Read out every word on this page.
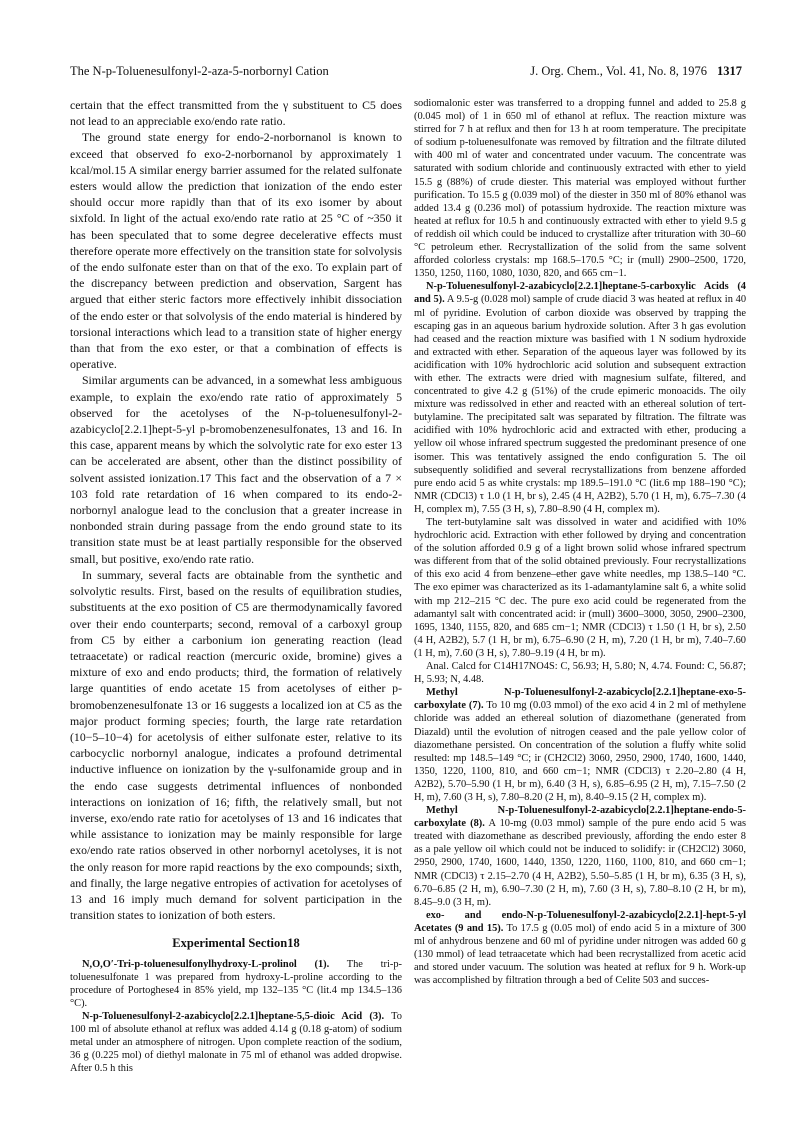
The N-p-Toluenesulfonyl-2-aza-5-norbornyl Cation	J. Org. Chem., Vol. 41, No. 8, 1976 1317

certain that the effect transmitted from the γ substituent to C5 does not lead to an appreciable exo/endo rate ratio.

The ground state energy for endo-2-norbornanol is known to exceed that observed fo exo-2-norbornanol by approximately 1 kcal/mol.15 A similar energy barrier assumed for the related sulfonate esters would allow the prediction that ionization of the endo ester should occur more rapidly than that of its exo isomer by about sixfold. In light of the actual exo/endo rate ratio at 25 °C of ~350 it has been speculated that to some degree decelerative effects must therefore operate more effectively on the transition state for solvolysis of the endo sulfonate ester than on that of the exo. To explain part of the discrepancy between prediction and observation, Sargent has argued that either steric factors more effectively inhibit dissociation of the endo ester or that solvolysis of the endo material is hindered by torsional interactions which lead to a transition state of higher energy than that from the exo ester, or that a combination of effects is operative.

Similar arguments can be advanced, in a somewhat less ambiguous example, to explain the exo/endo rate ratio of approximately 5 observed for the acetolyses of the N-p-toluenesulfonyl-2-azabicyclo[2.2.1]hept-5-yl p-bromobenzenesulfonates, 13 and 16. In this case, apparent means by which the solvolytic rate for exo ester 13 can be accelerated are absent, other than the distinct possibility of solvent assisted ionization.17 This fact and the observation of a 7 × 103 fold rate retardation of 16 when compared to its endo-2-norbornyl analogue lead to the conclusion that a greater increase in nonbonded strain during passage from the endo ground state to its transition state must be at least partially responsible for the observed small, but positive, exo/endo rate ratio.

In summary, several facts are obtainable from the synthetic and solvolytic results. First, based on the results of equilibration studies, substituents at the exo position of C5 are thermodynamically favored over their endo counterparts; second, removal of a carboxyl group from C5 by either a carbonium ion generating reaction (lead tetraacetate) or radical reaction (mercuric oxide, bromine) gives a mixture of exo and endo products; third, the formation of relatively large quantities of endo acetate 15 from acetolyses of either p-bromobenzenesulfonate 13 or 16 suggests a localized ion at C5 as the major product forming species; fourth, the large rate retardation (10−5–10−4) for acetolysis of either sulfonate ester, relative to its carbocyclic norbornyl analogue, indicates a profound detrimental inductive influence on ionization by the γ-sulfonamide group and in the endo case suggests detrimental influences of nonbonded interactions on ionization of 16; fifth, the relatively small, but not inverse, exo/endo rate ratio for acetolyses of 13 and 16 indicates that while assistance to ionization may be mainly responsible for large exo/endo rate ratios observed in other norbornyl acetolyses, it is not the only reason for more rapid reactions by the exo compounds; sixth, and finally, the large negative entropies of activation for acetolyses of 13 and 16 imply much demand for solvent participation in the transition states to ionization of both esters.

Experimental Section18

N,O,O′-Tri-p-toluenesulfonylhydroxy-L-prolinol (1). The tri-p-toluenesulfonate 1 was prepared from hydroxy-L-proline according to the procedure of Portoghese4 in 85% yield, mp 132–135 °C (lit.4 mp 134.5–136 °C).

N-p-Toluenesulfonyl-2-azabicyclo[2.2.1]heptane-5,5-dioic Acid (3). To 100 ml of absolute ethanol at reflux was added 4.14 g (0.18 g-atom) of sodium metal under an atmosphere of nitrogen. Upon complete reaction of the sodium, 36 g (0.225 mol) of diethyl malonate in 75 ml of ethanol was added dropwise. After 0.5 h this

sodiomalonic ester was transferred to a dropping funnel and added to 25.8 g (0.045 mol) of 1 in 650 ml of ethanol at reflux. The reaction mixture was stirred for 7 h at reflux and then for 13 h at room temperature. The precipitate of sodium p-toluenesulfonate was removed by filtration and the filtrate diluted with 400 ml of water and concentrated under vacuum. The concentrate was saturated with sodium chloride and continuously extracted with ether to yield 15.5 g (88%) of crude diester. This material was employed without further purification. To 15.5 g (0.039 mol) of the diester in 350 ml of 80% ethanol was added 13.4 g (0.236 mol) of potassium hydroxide. The reaction mixture was heated at reflux for 10.5 h and continuously extracted with ether to yield 9.5 g of reddish oil which could be induced to crystallize after trituration with 30–60 °C petroleum ether. Recrystallization of the solid from the same solvent afforded colorless crystals: mp 168.5–170.5 °C; ir (mull) 2900–2500, 1720, 1350, 1250, 1160, 1080, 1030, 820, and 665 cm−1.

N-p-Toluenesulfonyl-2-azabicyclo[2.2.1]heptane-5-carboxylic Acids (4 and 5). A 9.5-g (0.028 mol) sample of crude diacid 3 was heated at reflux in 40 ml of pyridine. Evolution of carbon dioxide was observed by trapping the escaping gas in an aqueous barium hydroxide solution. After 3 h gas evolution had ceased and the reaction mixture was basified with 1 N sodium hydroxide and extracted with ether. Separation of the aqueous layer was followed by its acidification with 10% hydrochloric acid solution and subsequent extraction with ether. The extracts were dried with magnesium sulfate, filtered, and concentrated to give 4.2 g (51%) of the crude epimeric monoacids. The oily mixture was redissolved in ether and reacted with an ethereal solution of tert-butylamine. The precipitated salt was separated by filtration. The filtrate was acidified with 10% hydrochloric acid and extracted with ether, producing a yellow oil whose infrared spectrum suggested the predominant presence of one isomer. This was tentatively assigned the endo configuration 5. The oil subsequently solidified and several recrystallizations from benzene afforded pure endo acid 5 as white crystals: mp 189.5–191.0 °C (lit.6 mp 188–190 °C); NMR (CDCl3) τ 1.0 (1 H, br s), 2.45 (4 H, A2B2), 5.70 (1 H, m), 6.75–7.30 (4 H, complex m), 7.55 (3 H, s), 7.80–8.90 (4 H, complex m).

The tert-butylamine salt was dissolved in water and acidified with 10% hydrochloric acid. Extraction with ether followed by drying and concentration of the solution afforded 0.9 g of a light brown solid whose infrared spectrum was different from that of the solid obtained previously. Four recrystallizations of this exo acid 4 from benzene–ether gave white needles, mp 138.5–140 °C. The exo epimer was characterized as its 1-adamantylamine salt 6, a white solid with mp 212–215 °C dec. The pure exo acid could be regenerated from the adamantyl salt with concentrated acid: ir (mull) 3600–3000, 3050, 2900–2300, 1695, 1340, 1155, 820, and 685 cm−1; NMR (CDCl3) τ 1.50 (1 H, br s), 2.50 (4 H, A2B2), 5.7 (1 H, br m), 6.75–6.90 (2 H, m), 7.20 (1 H, br m), 7.40–7.60 (1 H, m), 7.60 (3 H, s), 7.80–9.19 (4 H, br m).

Anal. Calcd for C14H17NO4S: C, 56.93; H, 5.80; N, 4.74. Found: C, 56.87; H, 5.93; N, 4.48.

Methyl N-p-Toluenesulfonyl-2-azabicyclo[2.2.1]heptane-exo-5-carboxylate (7). To 10 mg (0.03 mmol) of the exo acid 4 in 2 ml of methylene chloride was added an ethereal solution of diazomethane (generated from Diazald) until the evolution of nitrogen ceased and the pale yellow color of diazomethane persisted. On concentration of the solution a fluffy white solid resulted: mp 148.5–149 °C; ir (CH2Cl2) 3060, 2950, 2900, 1740, 1600, 1440, 1350, 1220, 1100, 810, and 660 cm−1; NMR (CDCl3) τ 2.20–2.80 (4 H, A2B2), 5.70–5.90 (1 H, br m), 6.40 (3 H, s), 6.85–6.95 (2 H, m), 7.15–7.50 (2 H, m), 7.60 (3 H, s), 7.80–8.20 (2 H, m), 8.40–9.15 (2 H, complex m).

Methyl N-p-Toluenesulfonyl-2-azabicyclo[2.2.1]heptane-endo-5-carboxylate (8). A 10-mg (0.03 mmol) sample of the pure endo acid 5 was treated with diazomethane as described previously, affording the endo ester 8 as a pale yellow oil which could not be induced to solidify: ir (CH2Cl2) 3060, 2950, 2900, 1740, 1600, 1440, 1350, 1220, 1160, 1100, 810, and 660 cm−1; NMR (CDCl3) τ 2.15–2.70 (4 H, A2B2), 5.50–5.85 (1 H, br m), 6.35 (3 H, s), 6.70–6.85 (2 H, m), 6.90–7.30 (2 H, m), 7.60 (3 H, s), 7.80–8.10 (2 H, br m), 8.45–9.0 (3 H, m).

exo- and endo-N-p-Toluenesulfonyl-2-azabicyclo[2.2.1]-hept-5-yl Acetates (9 and 15). To 17.5 g (0.05 mol) of endo acid 5 in a mixture of 300 ml of anhydrous benzene and 60 ml of pyridine under nitrogen was added 60 g (130 mmol) of lead tetraacetate which had been recrystallized from acetic acid and stored under vacuum. The solution was heated at reflux for 9 h. Work-up was accomplished by filtration through a bed of Celite 503 and succes-
